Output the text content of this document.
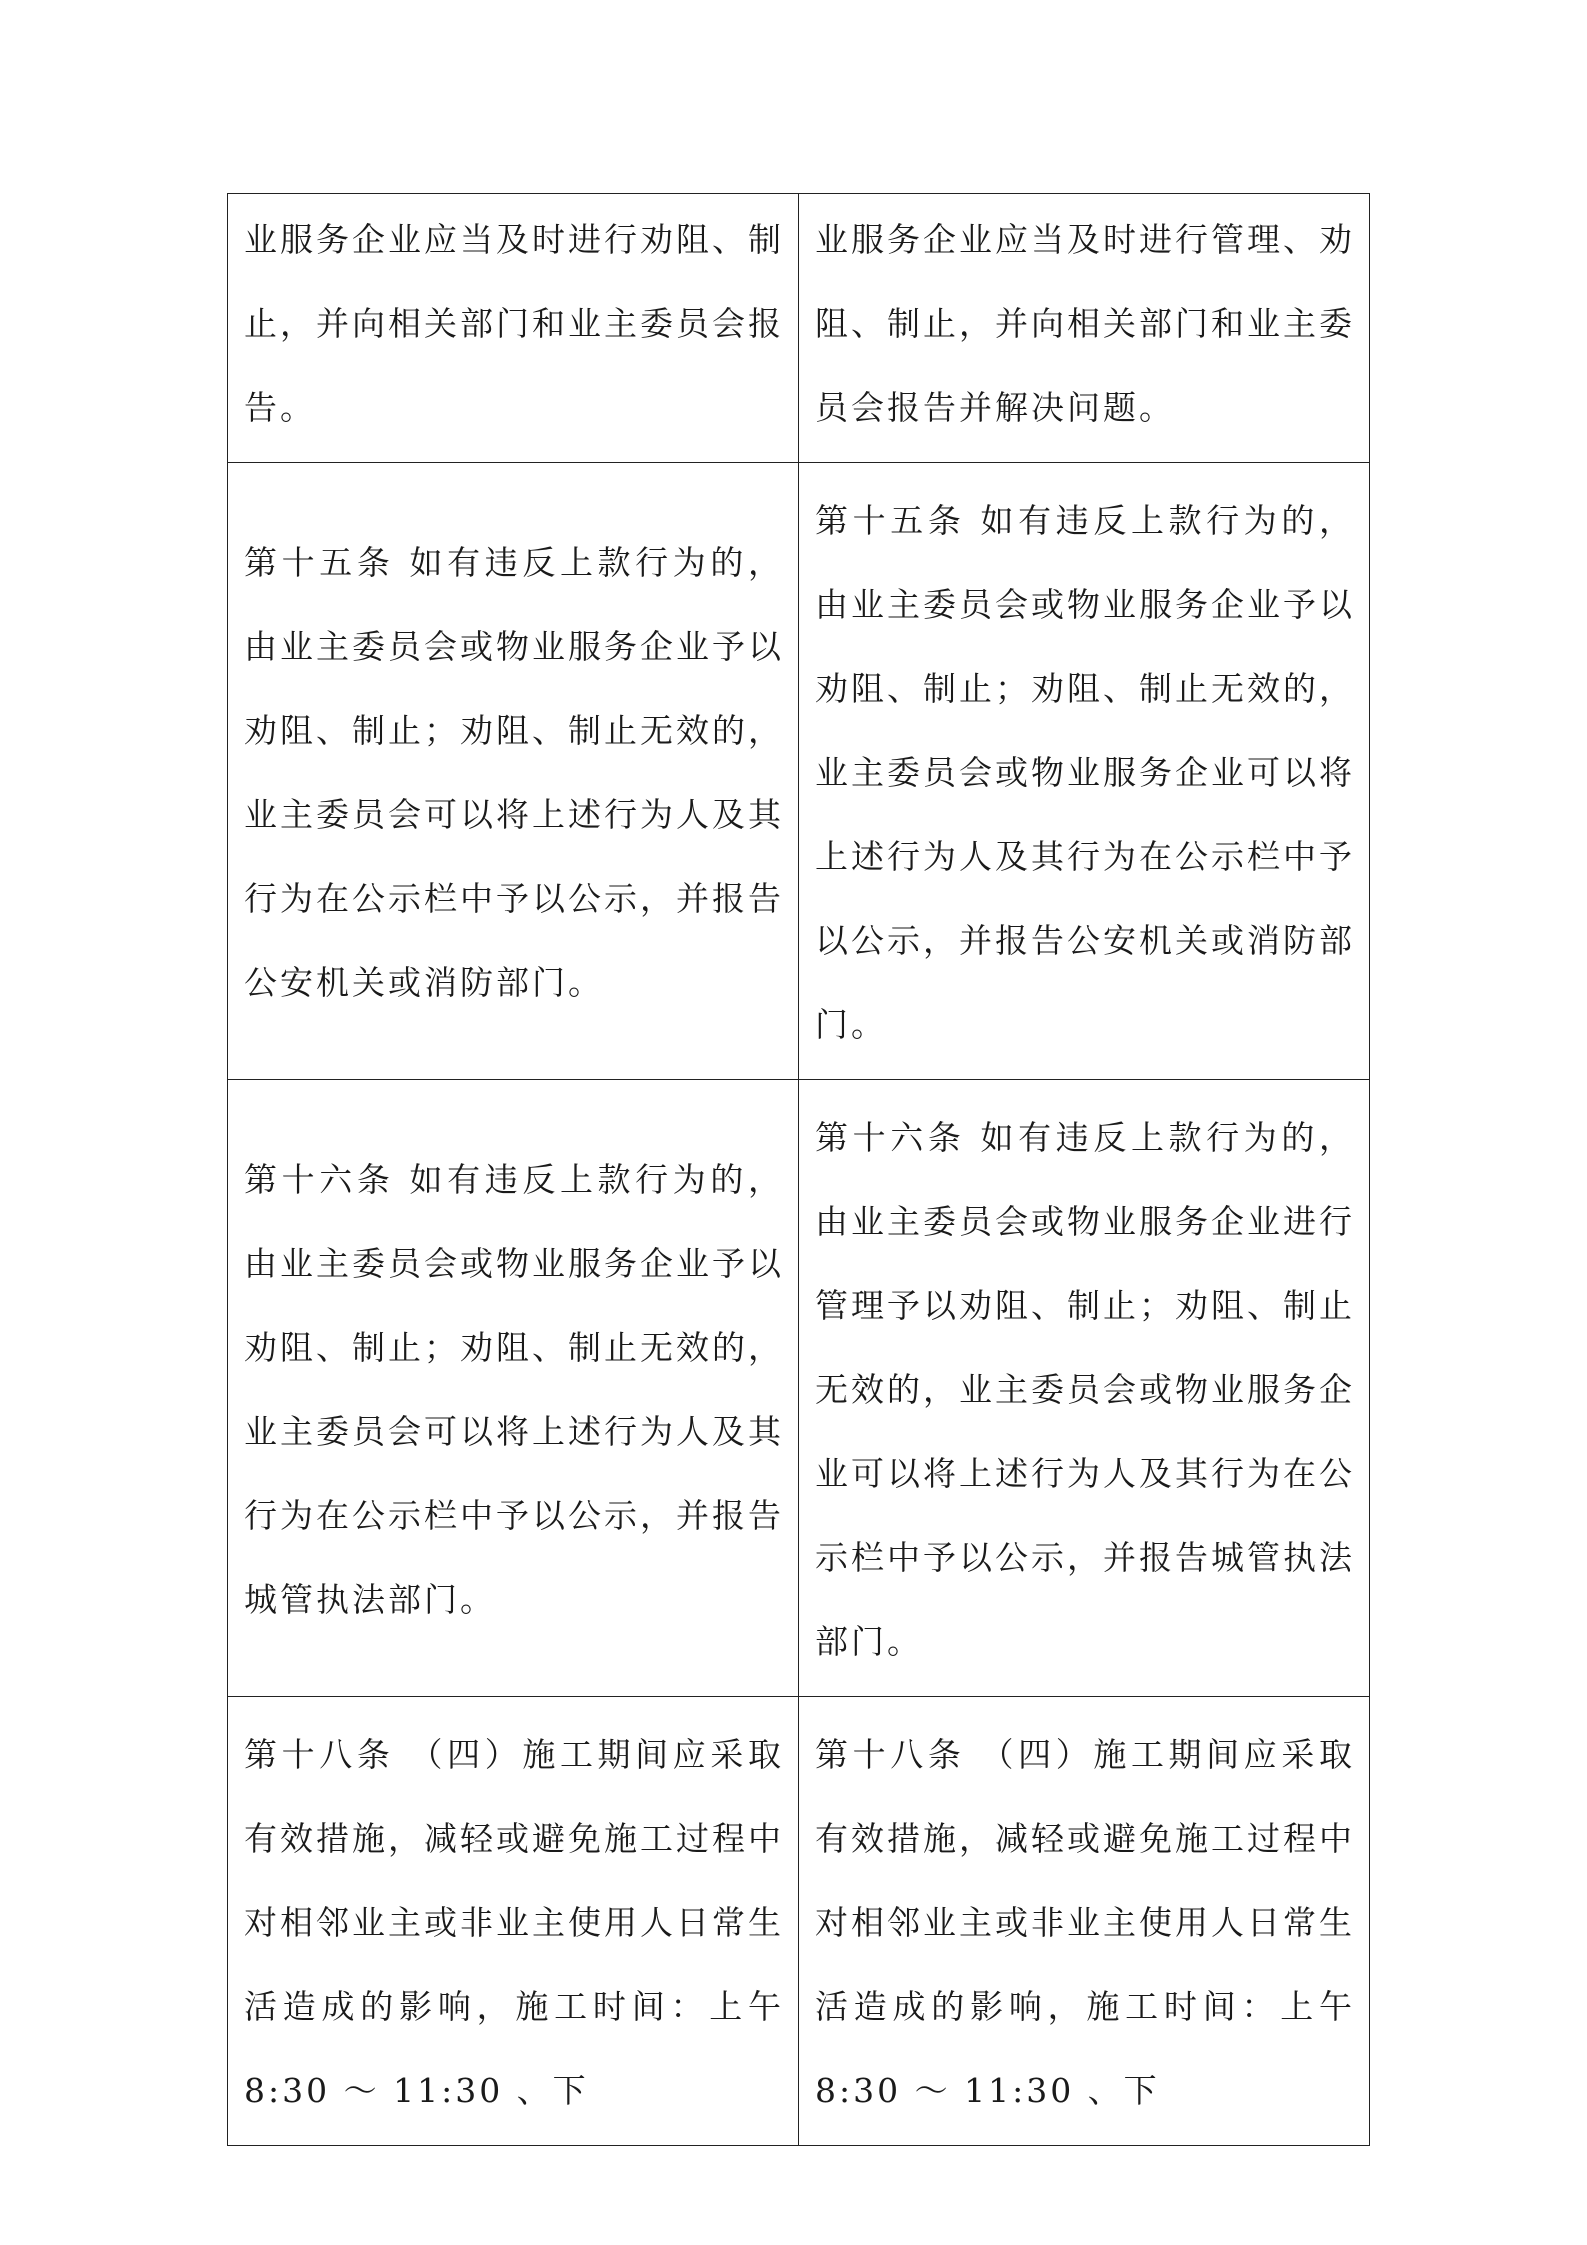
业服务企业应当及时进行劝阻、制止，并向相关部门和业主委员会报告。	业服务企业应当及时进行管理、劝阻、制止，并向相关部门和业主委员会报告并解决问题。

第十五条 如有违反上款行为的，由业主委员会或物业服务企业予以劝阻、制止；劝阻、制止无效的，业主委员会可以将上述行为人及其行为在公示栏中予以公示，并报告公安机关或消防部门。	第十五条 如有违反上款行为的，由业主委员会或物业服务企业予以劝阻、制止；劝阻、制止无效的，业主委员会或物业服务企业可以将上述行为人及其行为在公示栏中予以公示，并报告公安机关或消防部门。

第十六条 如有违反上款行为的，由业主委员会或物业服务企业予以劝阻、制止；劝阻、制止无效的，业主委员会可以将上述行为人及其行为在公示栏中予以公示，并报告城管执法部门。	第十六条 如有违反上款行为的，由业主委员会或物业服务企业进行管理予以劝阻、制止；劝阻、制止无效的，业主委员会或物业服务企业可以将上述行为人及其行为在公示栏中予以公示，并报告城管执法部门。

第十八条 （四）施工期间应采取有效措施，减轻或避免施工过程中对相邻业主或非业主使用人日常生活造成的影响，施工时间：上午 8:30 ～ 11:30 、下	第十八条 （四）施工期间应采取有效措施，减轻或避免施工过程中对相邻业主或非业主使用人日常生活造成的影响，施工时间：上午 8:30 ～ 11:30 、下
